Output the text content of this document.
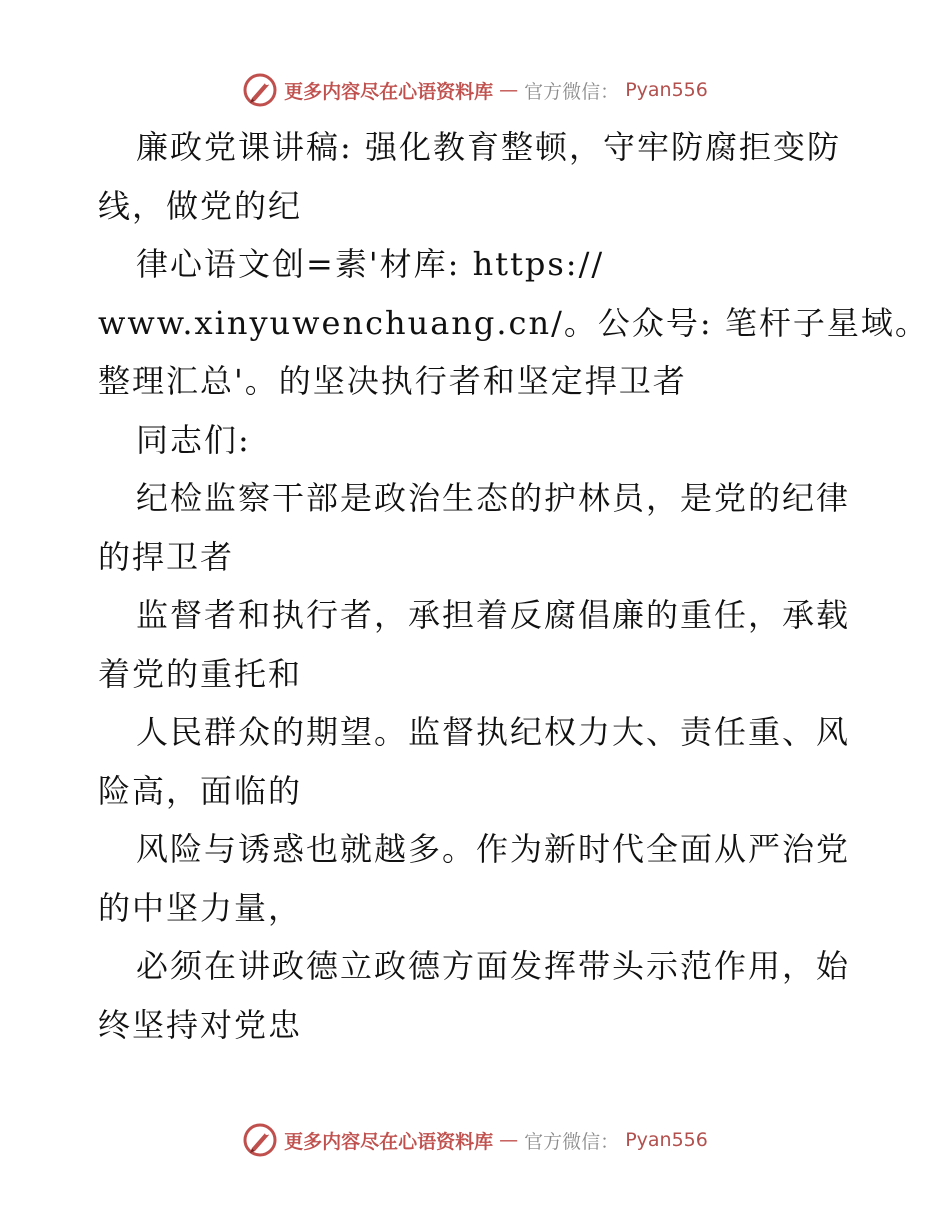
更多内容尽在心语资料库 — 官方微信： Pyan556
廉政党课讲稿: 强化教育整顿，守牢防腐拒变防
线，做党的纪
律心语文创=素'材库: https://
www.xinyuwenchuang.cn/。公众号: 笔杆子星域。
整理汇总'。的坚决执行者和坚定捍卫者
同志们:
纪检监察干部是政治生态的护林员，是党的纪律
的捍卫者
监督者和执行者，承担着反腐倡廉的重任，承载
着党的重托和
人民群众的期望。监督执纪权力大、责任重、风
险高，面临的
风险与诱惑也就越多。作为新时代全面从严治党
的中坚力量，
必须在讲政德立政德方面发挥带头示范作用，始
终坚持对党忠
更多内容尽在心语资料库 — 官方微信： Pyan556
